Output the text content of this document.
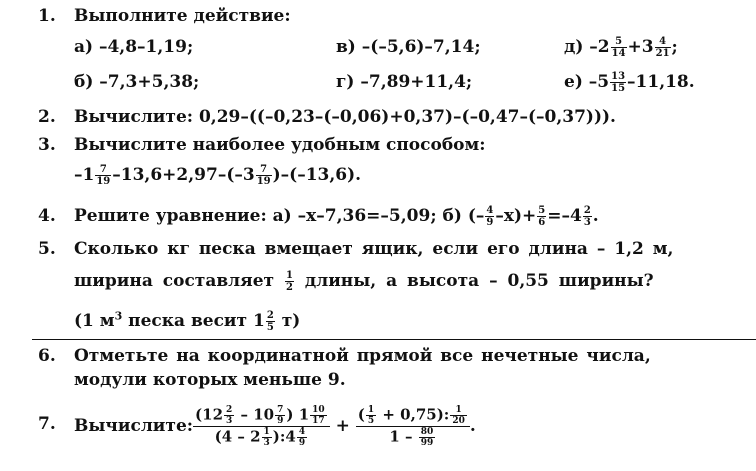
1. Выполните действие:
а) –4,8–1,19;
б) –7,3+5,38;
в) –(–5,6)–7,14;
г) –7,89+11,4;
д) $-2 \frac{5}{14} +3 \frac{4}{21}$ ;
е) $-5 \frac{13}{15} -11,18$.
2. Вычислите: 0,29–((–0,23–(–0,06)+0,37)–(–0,47–(–0,37))).
3. Вычислите наиболее удобным способом:
$-1 \frac{7}{19} -13,6+2,97-(-3 \frac{7}{19} )-(-13,6)$.
4. Решите уравнение: а) –x–7,36=–5,09; б) (– $\frac{4}{9} -x)+ \frac{5}{6} =-4 \frac{2}{3}$ .
5. Сколько кг песка вмещает ящик, если его длина – 1,2 м,
ширина составляет $\frac{1}{2}$ длины, а высота – 0,55 ширины?
(1 $м^3$ песка весит $1 \frac{2}{5} т$)
6. Отметьте на координатной прямой все нечетные числа,
модули которых меньше 9.
7. Вычислите: $\frac{(12 \frac{2}{3} - 10 \frac{7}{9} ) 1 \frac{10}{17}}{(4 - 2 \frac{1}{3} ):4 \frac{4}{9}} + \frac{( \frac{1}{5} + 0,75): \frac{1}{20}}{1 - \frac{80}{99}}$ .
